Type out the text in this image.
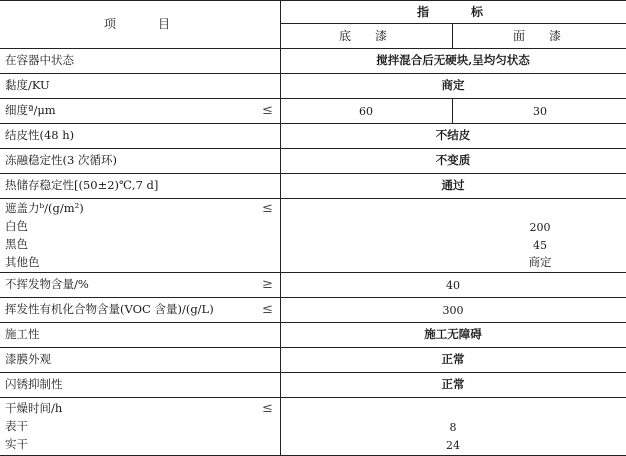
项　　目
指　　标
底　漆	面　漆
在容器中状态	搅拌混合后无硬块,呈均匀状态
黏度/KU	商定
细度ª/μm	≤	60	30
结皮性(48 h)	不结皮
冻融稳定性(3 次循环)	不变质
热储存稳定性[(50±2)℃,7 d]	通过
遮盖力ᵇ/(g/m²)	≤
白色	200
黑色	45
其他色	商定
不挥发物含量/%	≥	40
挥发性有机化合物含量(VOC 含量)/(g/L)	≤	300
施工性	施工无障碍
漆膜外观	正常
闪锈抑制性	正常
干燥时间/h	≤
表干	8
实干	24
